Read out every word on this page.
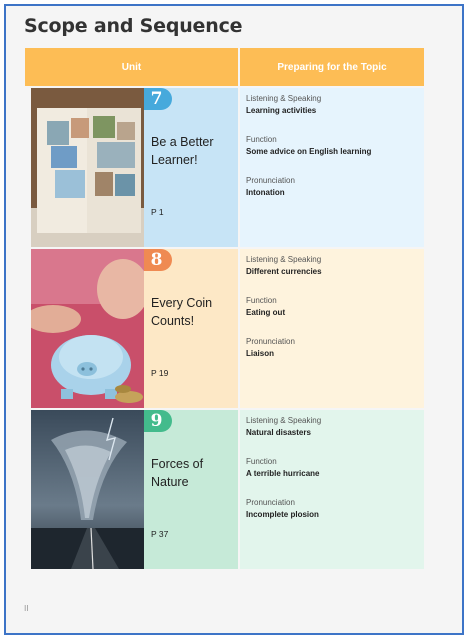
Scope and Sequence
Unit	Preparing for the Topic
7
Be a Better Learner!
P 1
Listening & Speaking
Learning activities
Function
Some advice on English learning
Pronunciation
Intonation
8
Every Coin Counts!
P 19
Listening & Speaking
Different currencies
Function
Eating out
Pronunciation
Liaison
9
Forces of Nature
P 37
Listening & Speaking
Natural disasters
Function
A terrible hurricane
Pronunciation
Incomplete plosion
II
